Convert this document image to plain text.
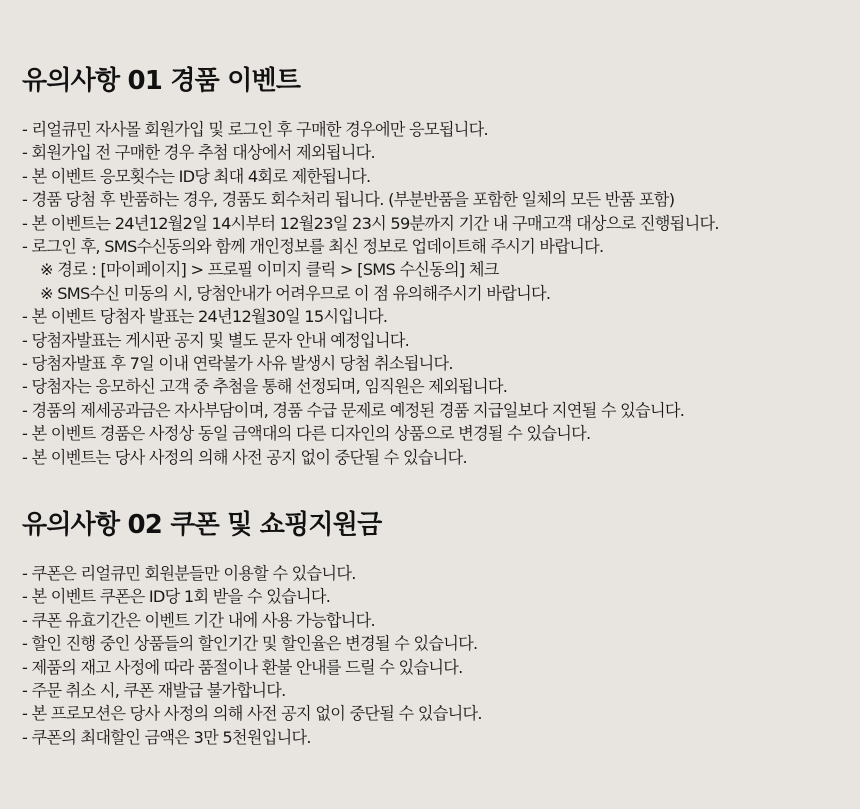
유의사항 01 경품 이벤트
- 리얼큐민 자사몰 회원가입 및 로그인 후 구매한 경우에만 응모됩니다.
- 회원가입 전 구매한 경우 추첨 대상에서 제외됩니다.
- 본 이벤트 응모횟수는 ID당 최대 4회로 제한됩니다.
- 경품 당첨 후 반품하는 경우, 경품도 회수처리 됩니다. (부분반품을 포함한 일체의 모든 반품 포함)
- 본 이벤트는 24년12월2일 14시부터 12월23일 23시 59분까지 기간 내 구매고객 대상으로 진행됩니다.
- 로그인 후, SMS수신동의와 함께 개인정보를 최신 정보로 업데이트해 주시기 바랍니다.
※ 경로 : [마이페이지] > 프로필 이미지 클릭 > [SMS 수신동의] 체크
※ SMS수신 미동의 시, 당첨안내가 어려우므로 이 점 유의해주시기 바랍니다.
- 본 이벤트 당첨자 발표는 24년12월30일 15시입니다.
- 당첨자발표는 게시판 공지 및 별도 문자 안내 예정입니다.
- 당첨자발표 후 7일 이내 연락불가 사유 발생시 당첨 취소됩니다.
- 당첨자는 응모하신 고객 중 추첨을 통해 선정되며, 임직원은 제외됩니다.
- 경품의 제세공과금은 자사부담이며, 경품 수급 문제로 예정된 경품 지급일보다 지연될 수 있습니다.
- 본 이벤트 경품은 사정상 동일 금액대의 다른 디자인의 상품으로 변경될 수 있습니다.
- 본 이벤트는 당사 사정의 의해 사전 공지 없이 중단될 수 있습니다.
유의사항 02 쿠폰 및 쇼핑지원금
- 쿠폰은 리얼큐민 회원분들만 이용할 수 있습니다.
- 본 이벤트 쿠폰은 ID당 1회 받을 수 있습니다.
- 쿠폰 유효기간은 이벤트 기간 내에 사용 가능합니다.
- 할인 진행 중인 상품들의 할인기간 및 할인율은 변경될 수 있습니다.
- 제품의 재고 사정에 따라 품절이나 환불 안내를 드릴 수 있습니다.
- 주문 취소 시, 쿠폰 재발급 불가합니다.
- 본 프로모션은 당사 사정의 의해 사전 공지 없이 중단될 수 있습니다.
- 쿠폰의 최대할인 금액은 3만 5천원입니다.
